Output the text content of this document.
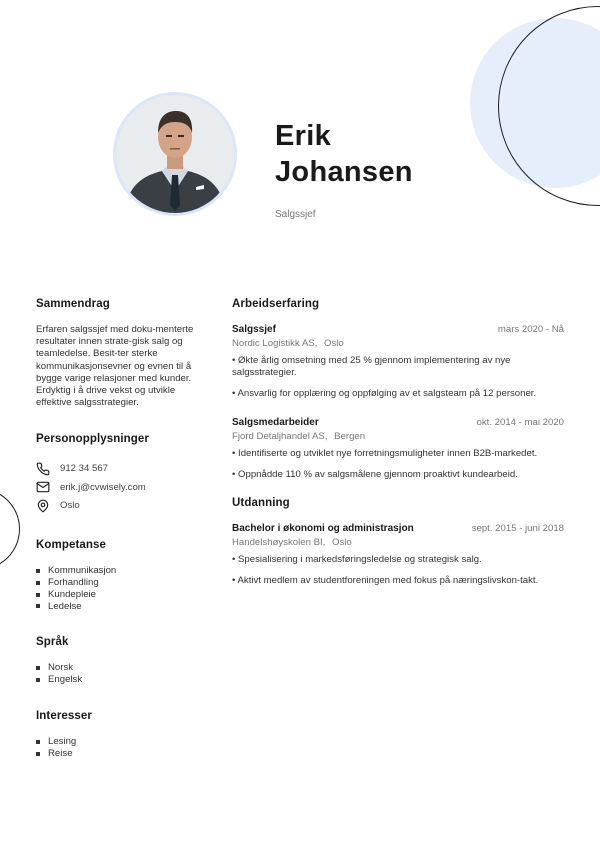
Erik
Johansen
Salgssjef
Sammendrag

Erfaren salgssjef med doku-menterte resultater innen strate-gisk salg og teamledelse. Besit-ter sterke kommunikasjonsevner og evnen til å bygge varige relasjoner med kunder. Erdyktig i å drive vekst og utvikle effektive salgsstrategier.

Personopplysninger
912 34 567
erik.j@cvwisely.com
Oslo
Kompetanse
Kommunikasjon
Forhandling
Kundepleie
Ledelse
Språk
Norsk
Engelsk
Interesser
Lesing
Reise
Arbeidserfaring
Salgssjef	mars 2020 - Nå
Nordic Logistikk AS, Oslo

• Økte årlig omsetning med 25 % gjennom implementering av nye salgsstrategier.

• Ansvarlig for opplæring og oppfølging av et salgsteam på 12 personer.

Salgsmedarbeider	okt. 2014 - mai 2020
Fjord Detaljhandel AS, Bergen

• Identifiserte og utviklet nye forretningsmuligheter innen B2B-markedet.

• Oppnådde 110 % av salgsmålene gjennom proaktivt kundearbeid.

Utdanning
Bachelor i økonomi og administrasjon	sept. 2015 - juni 2018
Handelshøyskolen BI, Oslo

• Spesialisering i markedsføringsledelse og strategisk salg.

• Aktivt medlem av studentforeningen med fokus på næringslivskon-takt.
